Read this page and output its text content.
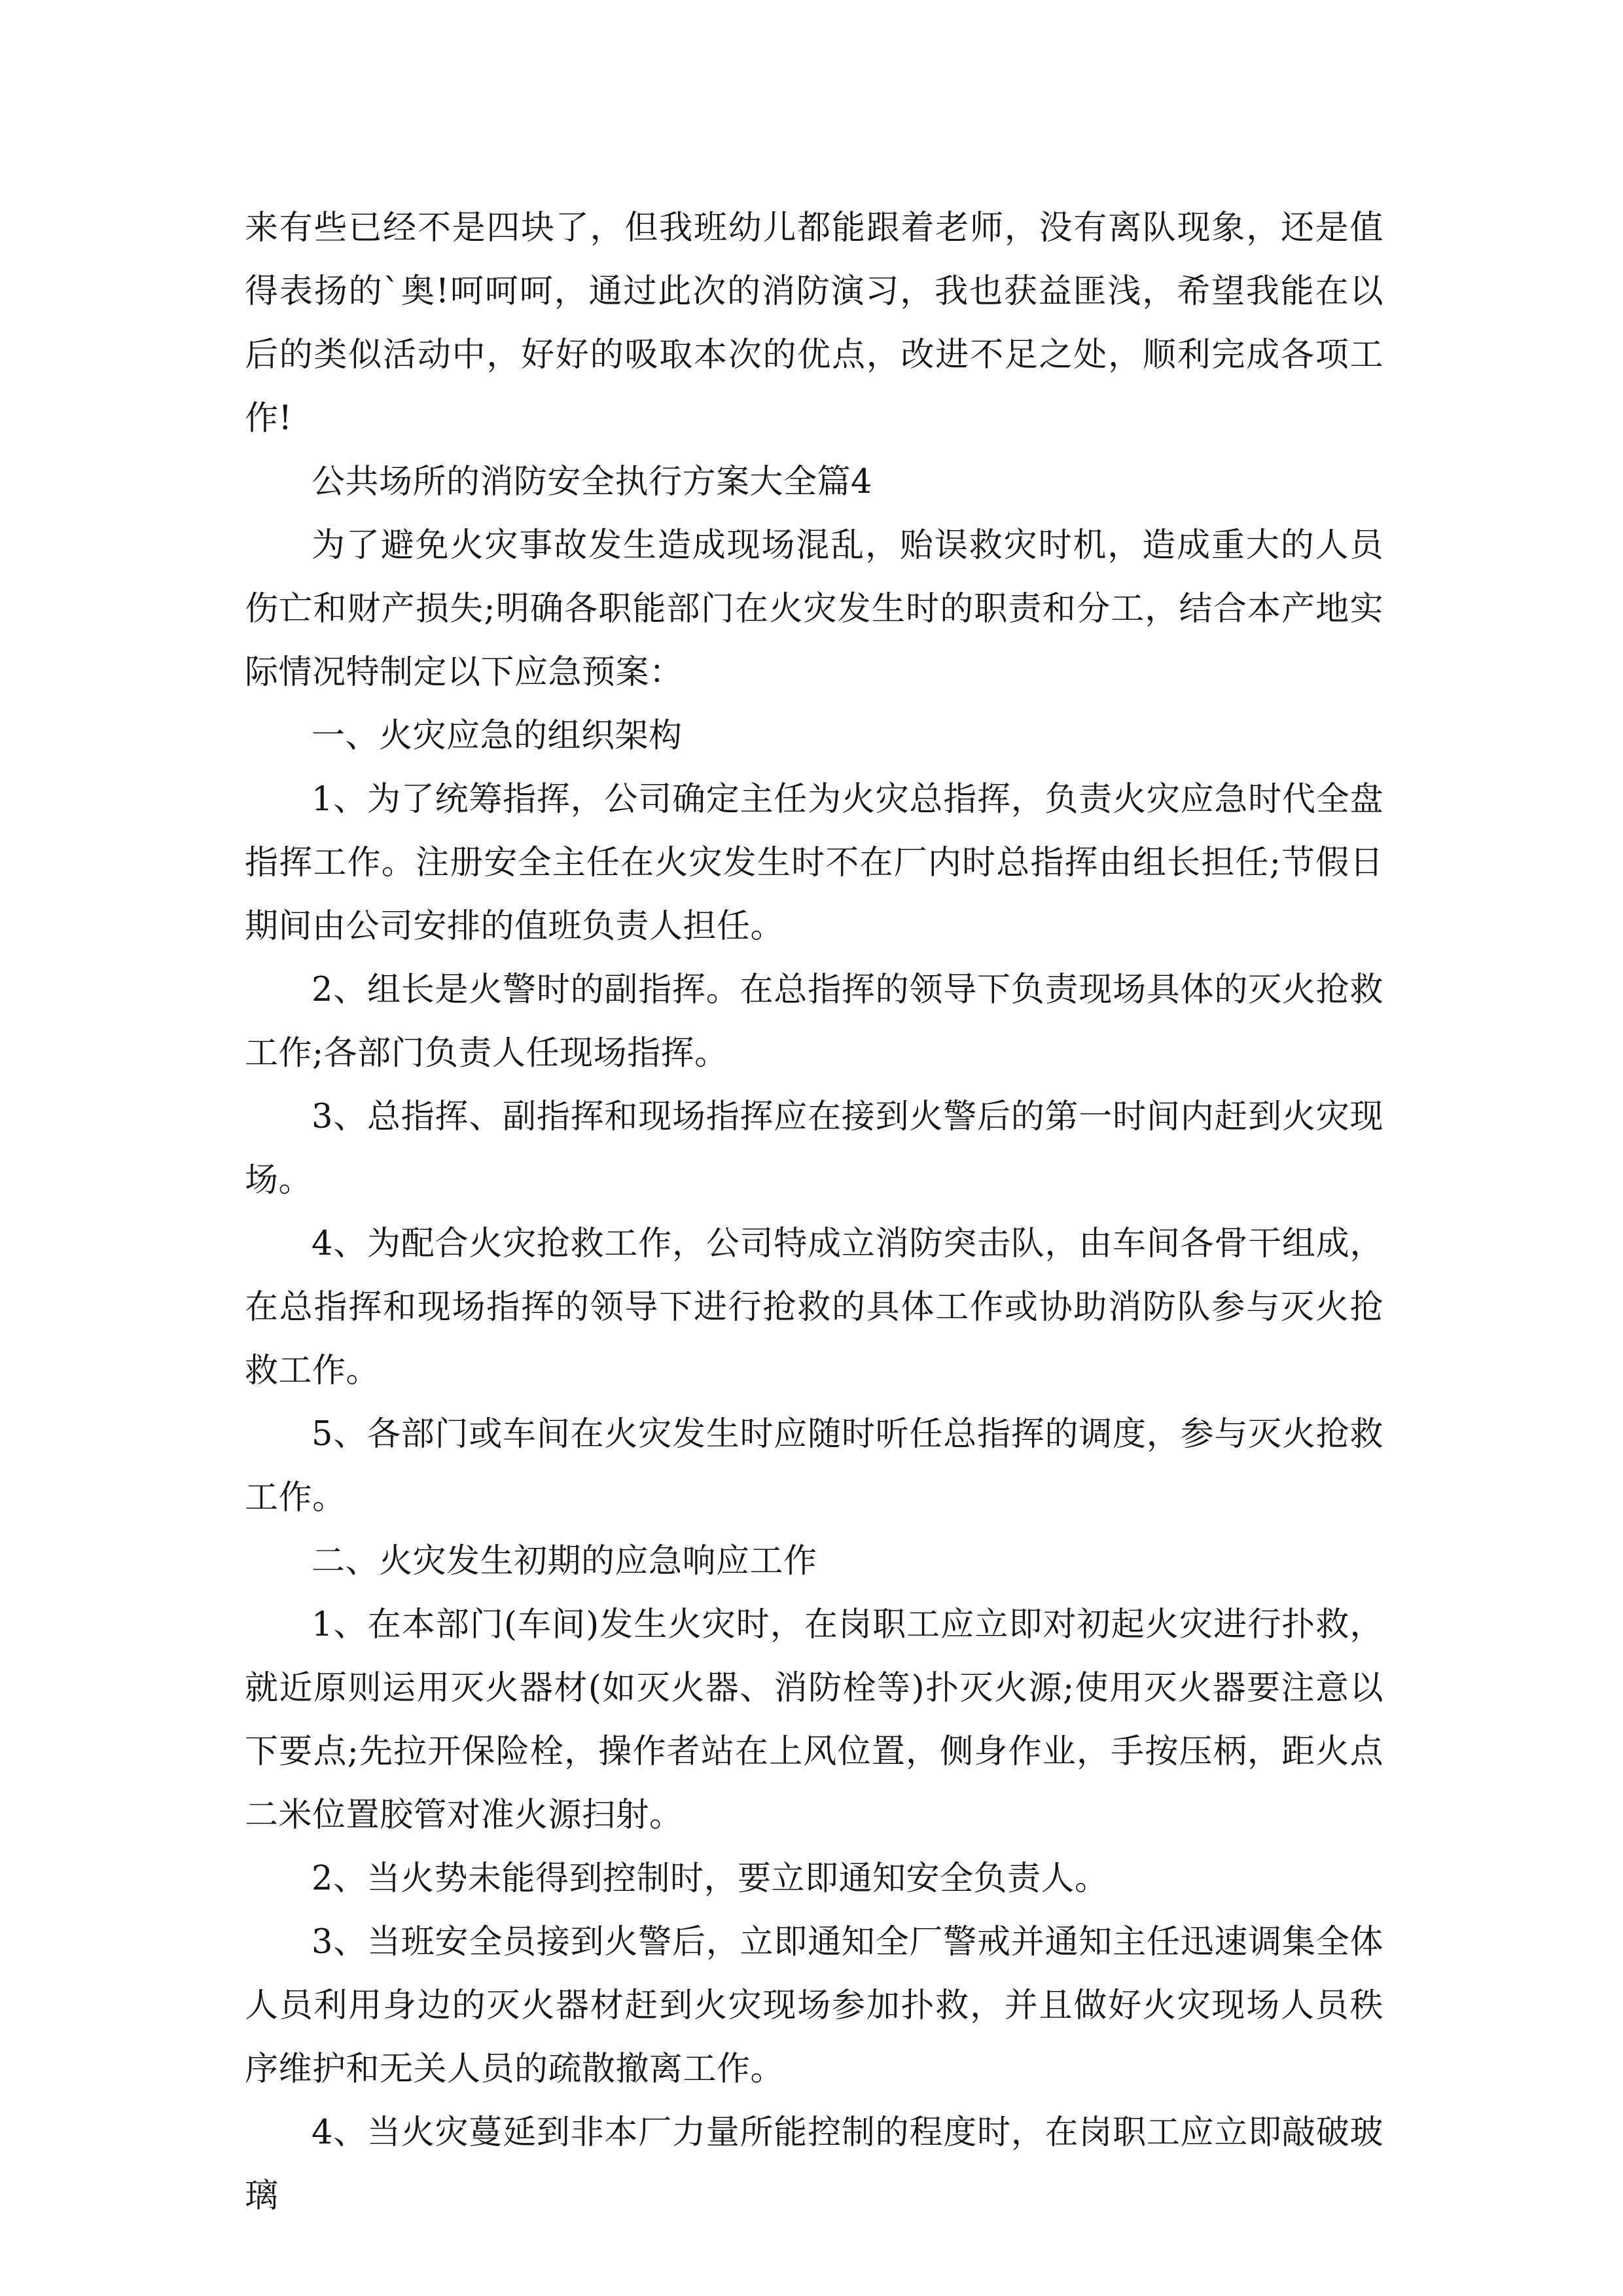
来有些已经不是四块了，但我班幼儿都能跟着老师，没有离队现象，还是值得表扬的`奥!呵呵呵，通过此次的消防演习，我也获益匪浅，希望我能在以后的类似活动中，好好的吸取本次的优点，改进不足之处，顺利完成各项工作!

公共场所的消防安全执行方案大全篇4

为了避免火灾事故发生造成现场混乱，贻误救灾时机，造成重大的人员伤亡和财产损失;明确各职能部门在火灾发生时的职责和分工，结合本产地实际情况特制定以下应急预案：

一、火灾应急的组织架构

1、为了统筹指挥，公司确定主任为火灾总指挥，负责火灾应急时代全盘指挥工作。注册安全主任在火灾发生时不在厂内时总指挥由组长担任;节假日期间由公司安排的值班负责人担任。

2、组长是火警时的副指挥。在总指挥的领导下负责现场具体的灭火抢救工作;各部门负责人任现场指挥。

3、总指挥、副指挥和现场指挥应在接到火警后的第一时间内赶到火灾现场。

4、为配合火灾抢救工作，公司特成立消防突击队，由车间各骨干组成，在总指挥和现场指挥的领导下进行抢救的具体工作或协助消防队参与灭火抢救工作。

5、各部门或车间在火灾发生时应随时听任总指挥的调度，参与灭火抢救工作。

二、火灾发生初期的应急响应工作

1、在本部门(车间)发生火灾时，在岗职工应立即对初起火灾进行扑救，就近原则运用灭火器材(如灭火器、消防栓等)扑灭火源;使用灭火器要注意以下要点;先拉开保险栓，操作者站在上风位置，侧身作业，手按压柄，距火点二米位置胶管对准火源扫射。

2、当火势未能得到控制时，要立即通知安全负责人。

3、当班安全员接到火警后，立即通知全厂警戒并通知主任迅速调集全体人员利用身边的灭火器材赶到火灾现场参加扑救，并且做好火灾现场人员秩序维护和无关人员的疏散撤离工作。

4、当火灾蔓延到非本厂力量所能控制的程度时，在岗职工应立即敲破玻璃
